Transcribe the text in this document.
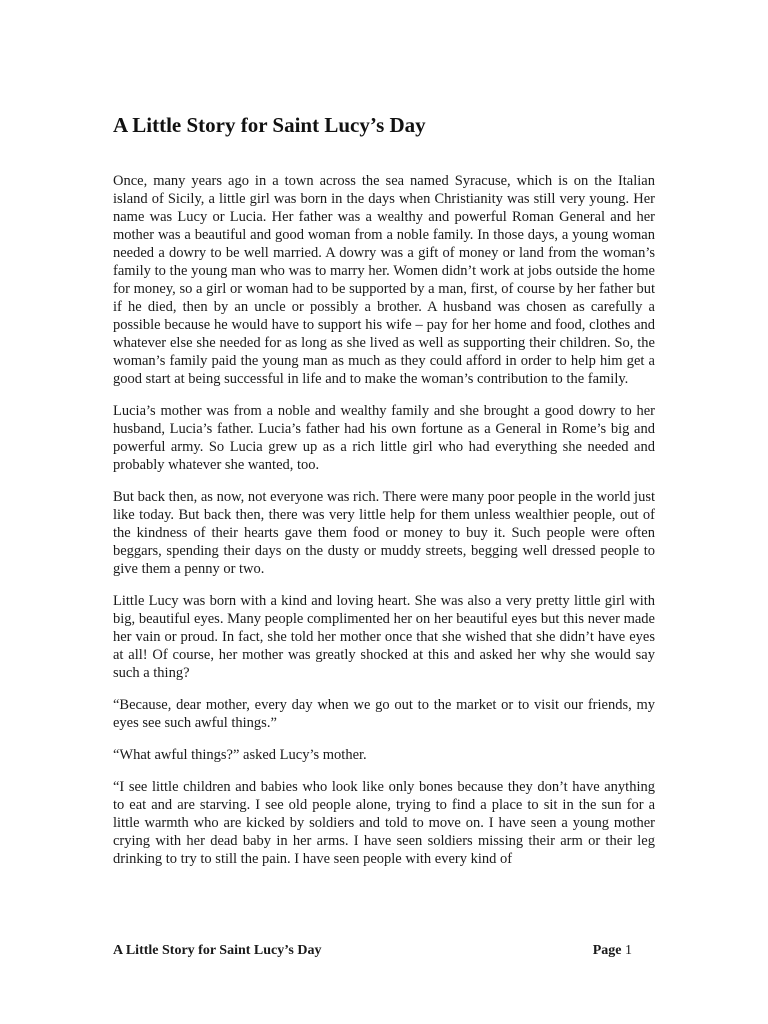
A Little Story for Saint Lucy’s Day

Once, many years ago in a town across the sea named Syracuse, which is on the Italian island of Sicily, a little girl was born in the days when Christianity was still very young. Her name was Lucy or Lucia. Her father was a wealthy and powerful Roman General and her mother was a beautiful and good woman from a noble family. In those days, a young woman needed a dowry to be well married. A dowry was a gift of money or land from the woman’s family to the young man who was to marry her. Women didn’t work at jobs outside the home for money, so a girl or woman had to be supported by a man, first, of course by her father but if he died, then by an uncle or possibly a brother. A husband was chosen as carefully a possible because he would have to support his wife – pay for her home and food, clothes and whatever else she needed for as long as she lived as well as supporting their children. So, the woman’s family paid the young man as much as they could afford in order to help him get a good start at being successful in life and to make the woman’s contribution to the family.

Lucia’s mother was from a noble and wealthy family and she brought a good dowry to her husband, Lucia’s father. Lucia’s father had his own fortune as a General in Rome’s big and powerful army. So Lucia grew up as a rich little girl who had everything she needed and probably whatever she wanted, too.

But back then, as now, not everyone was rich. There were many poor people in the world just like today. But back then, there was very little help for them unless wealthier people, out of the kindness of their hearts gave them food or money to buy it. Such people were often beggars, spending their days on the dusty or muddy streets, begging well dressed people to give them a penny or two.

Little Lucy was born with a kind and loving heart. She was also a very pretty little girl with big, beautiful eyes. Many people complimented her on her beautiful eyes but this never made her vain or proud. In fact, she told her mother once that she wished that she didn’t have eyes at all! Of course, her mother was greatly shocked at this and asked her why she would say such a thing?

“Because, dear mother, every day when we go out to the market or to visit our friends, my eyes see such awful things.”

“What awful things?” asked Lucy’s mother.

“I see little children and babies who look like only bones because they don’t have anything to eat and are starving. I see old people alone, trying to find a place to sit in the sun for a little warmth who are kicked by soldiers and told to move on. I have seen a young mother crying with her dead baby in her arms. I have seen soldiers missing their arm or their leg drinking to try to still the pain. I have seen people with every kind of

A Little Story for Saint Lucy’s Day	Page 1
